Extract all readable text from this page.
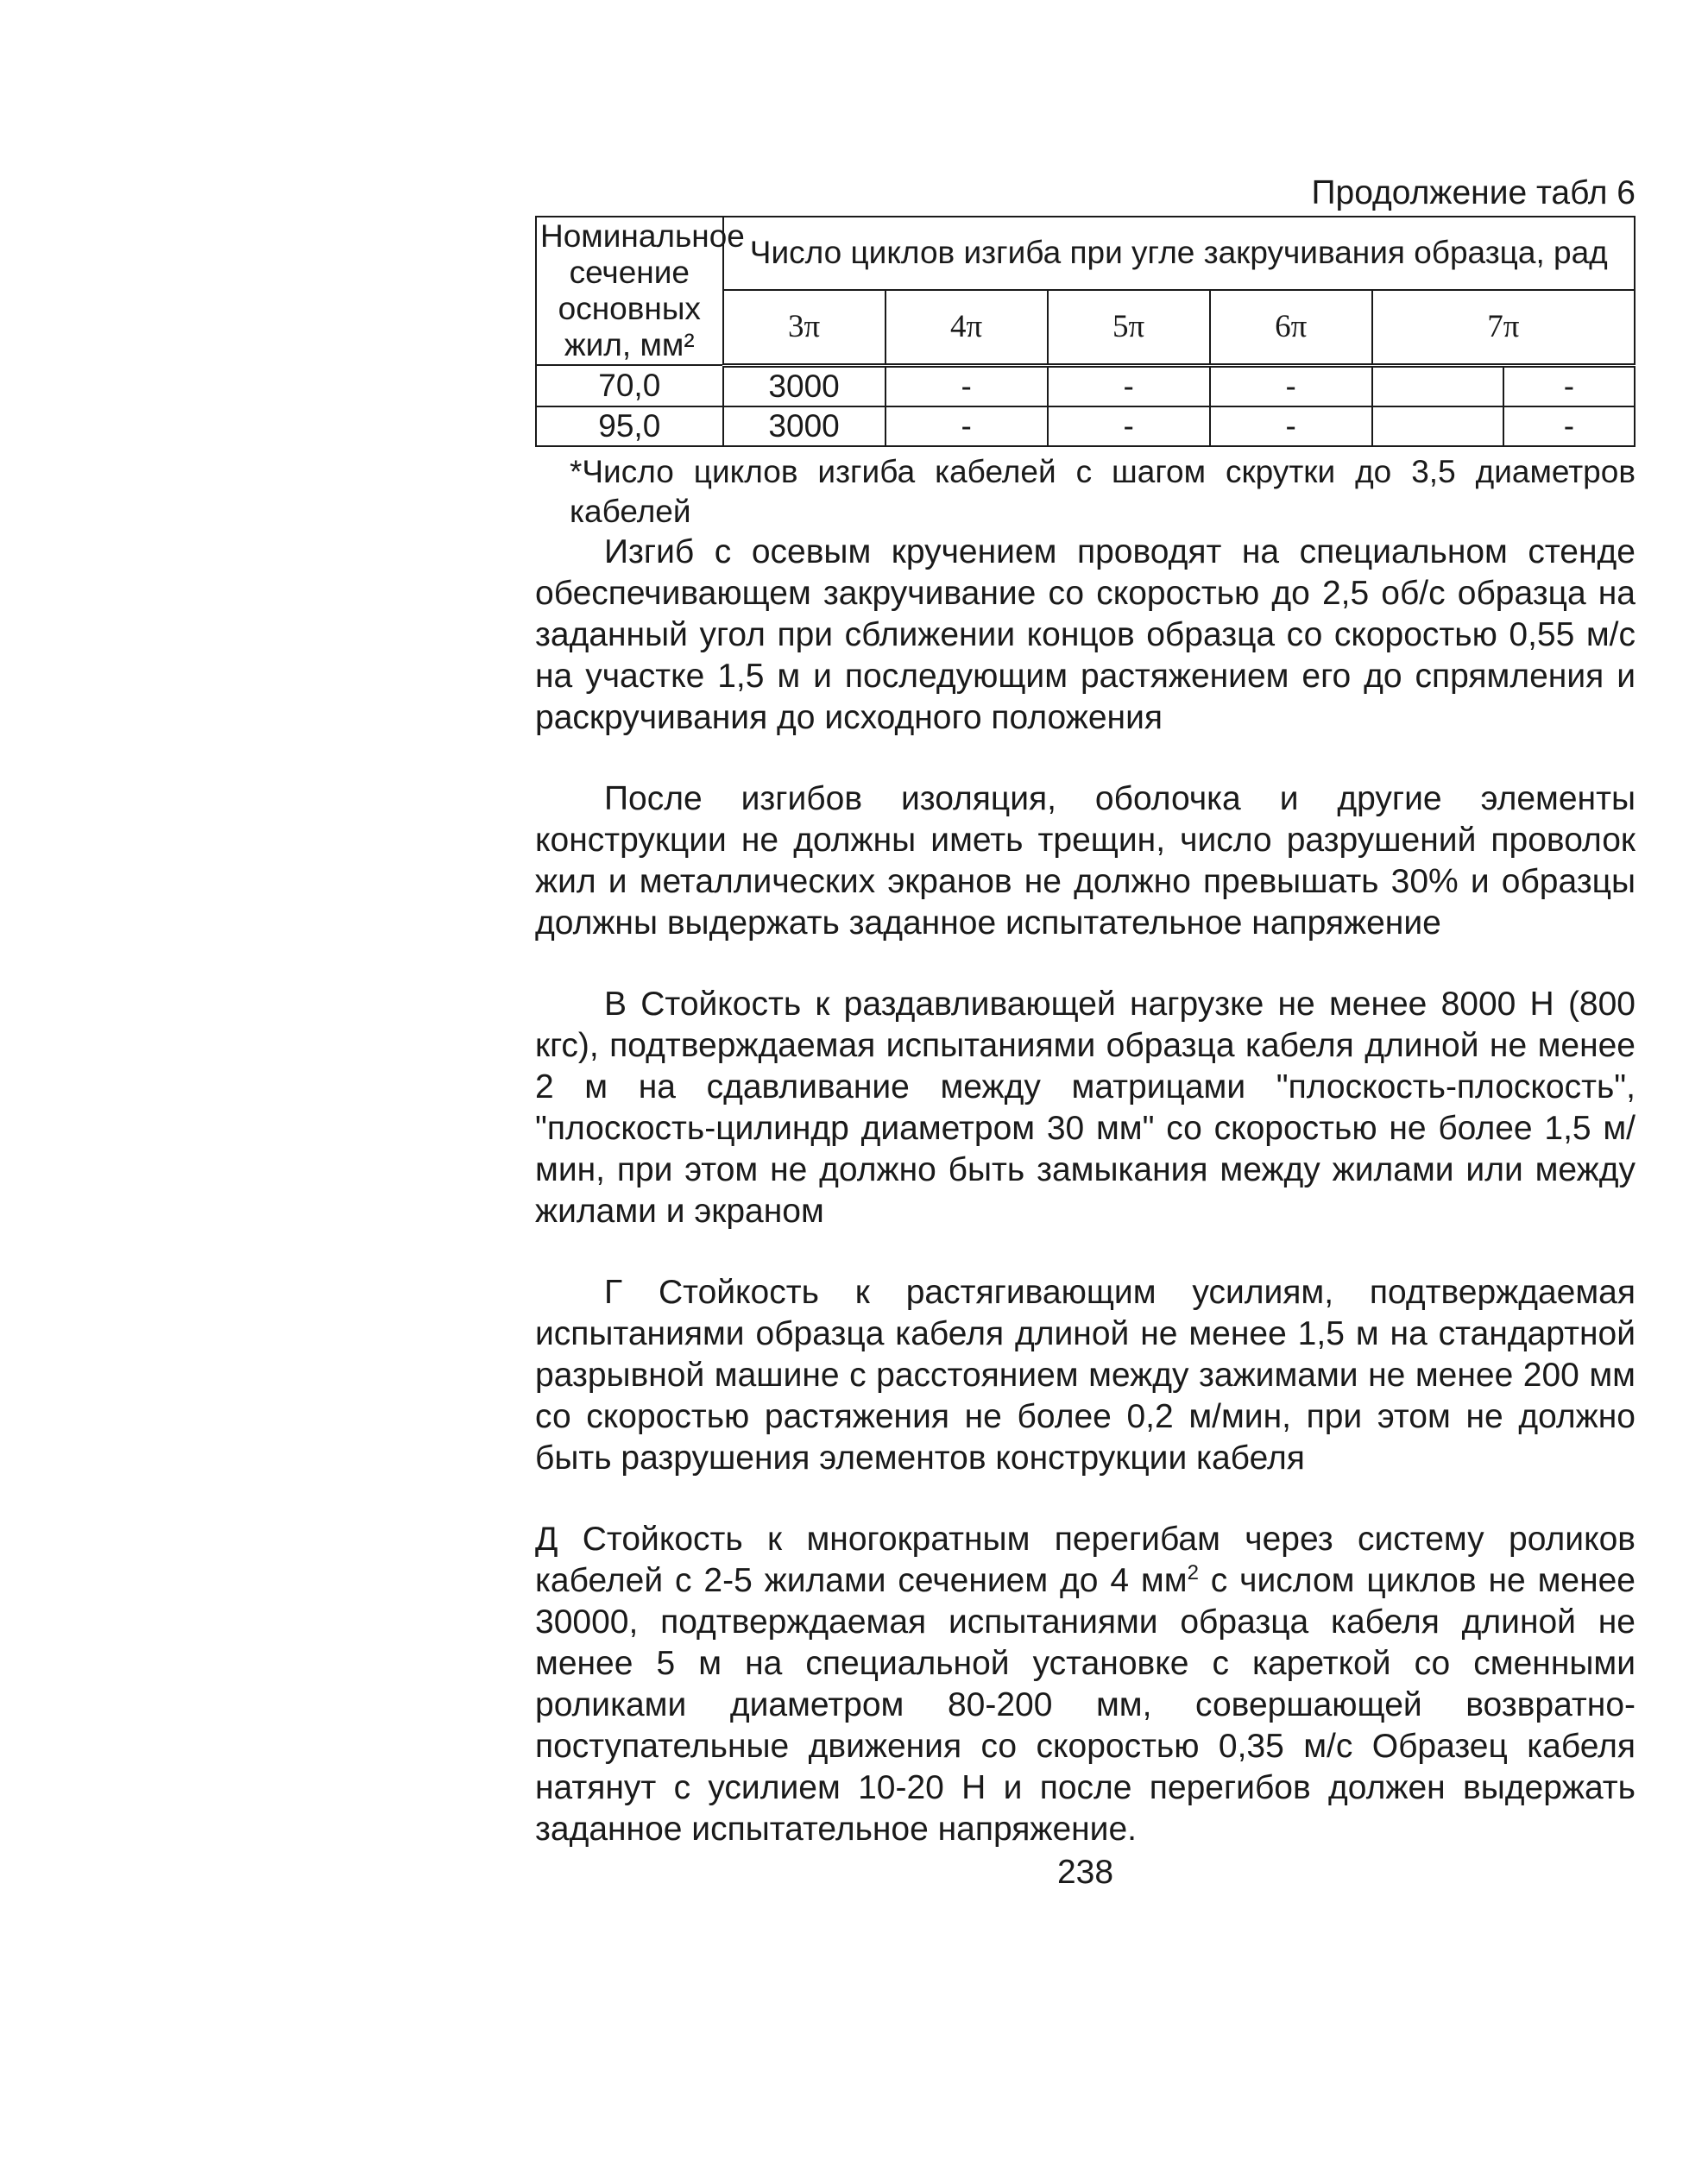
Продолжение табл 6
Номинальное сечение основных жил, мм²	Число циклов изгиба при угле закручивания образца, рад					
	3π	4π	5π	6π	7π	
70,0	3000	-	-	-		-
95,0	3000	-	-	-		-
*Число циклов изгиба кабелей с шагом скрутки до 3,5 диаметров кабелей

Изгиб с осевым кручением проводят на специальном стенде обеспечивающем закручивание со скоростью до 2,5 об/с образца на заданный угол при сближении концов образца со скоростью 0,55 м/с на участке 1,5 м и последующим растяжением его до спрямления и раскручивания до исходного положения

После изгибов изоляция, оболочка и другие элементы конструкции не должны иметь трещин, число разрушений проволок жил и металлических экранов не должно превышать 30% и образцы должны выдержать заданное испытательное напряжение

В Стойкость к раздавливающей нагрузке не менее 8000 Н (800 кгс), подтверждаемая испытаниями образца кабеля длиной не менее 2 м на сдавливание между матрицами "плоскость-плоскость", "плоскость-цилиндр диаметром 30 мм" со скоростью не более 1,5 м/мин, при этом не должно быть замыкания между жилами или между жилами и экраном

Г Стойкость к растягивающим усилиям, подтверждаемая испытаниями образца кабеля длиной не менее 1,5 м на стандартной разрывной машине с расстоянием между зажимами не менее 200 мм со скоростью растяжения не более 0,2 м/мин, при этом не должно быть разрушения элементов конструкции кабеля

Д Стойкость к многократным перегибам через систему роликов кабелей с 2-5 жилами сечением до 4 $мм^2$ с числом циклов не менее 30000, подтверждаемая испытаниями образца кабеля длиной не менее 5 м на специальной установке с кареткой со сменными роликами диаметром 80-200 мм, совершающей возвратно-поступательные движения со скоростью 0,35 м/с Образец кабеля натянут с усилием 10-20 Н и после перегибов должен выдержать заданное испытательное напряжение.

238
